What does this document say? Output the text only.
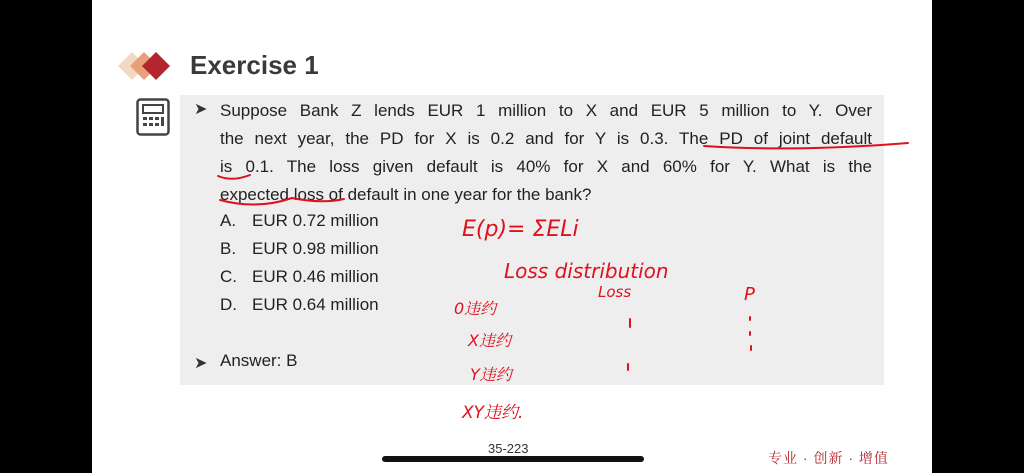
Exercise 1
➤ Suppose Bank Z lends EUR 1 million to X and EUR 5 million to Y. Over
the next year, the PD for X is 0.2 and for Y is 0.3. The PD of joint default
is 0.1. The loss given default is 40% for X and 60% for Y. What is the
expected loss of default in one year for the bank?
A. EUR 0.72 million
B. EUR 0.98 million
C. EUR 0.46 million
D. EUR 0.64 million
➤ Answer: B
E(p)= ΣELi
Loss distribution
Loss	P
0违约
X违约
Y违约
XY违约.
35-223
专业 · 创新 · 增值
